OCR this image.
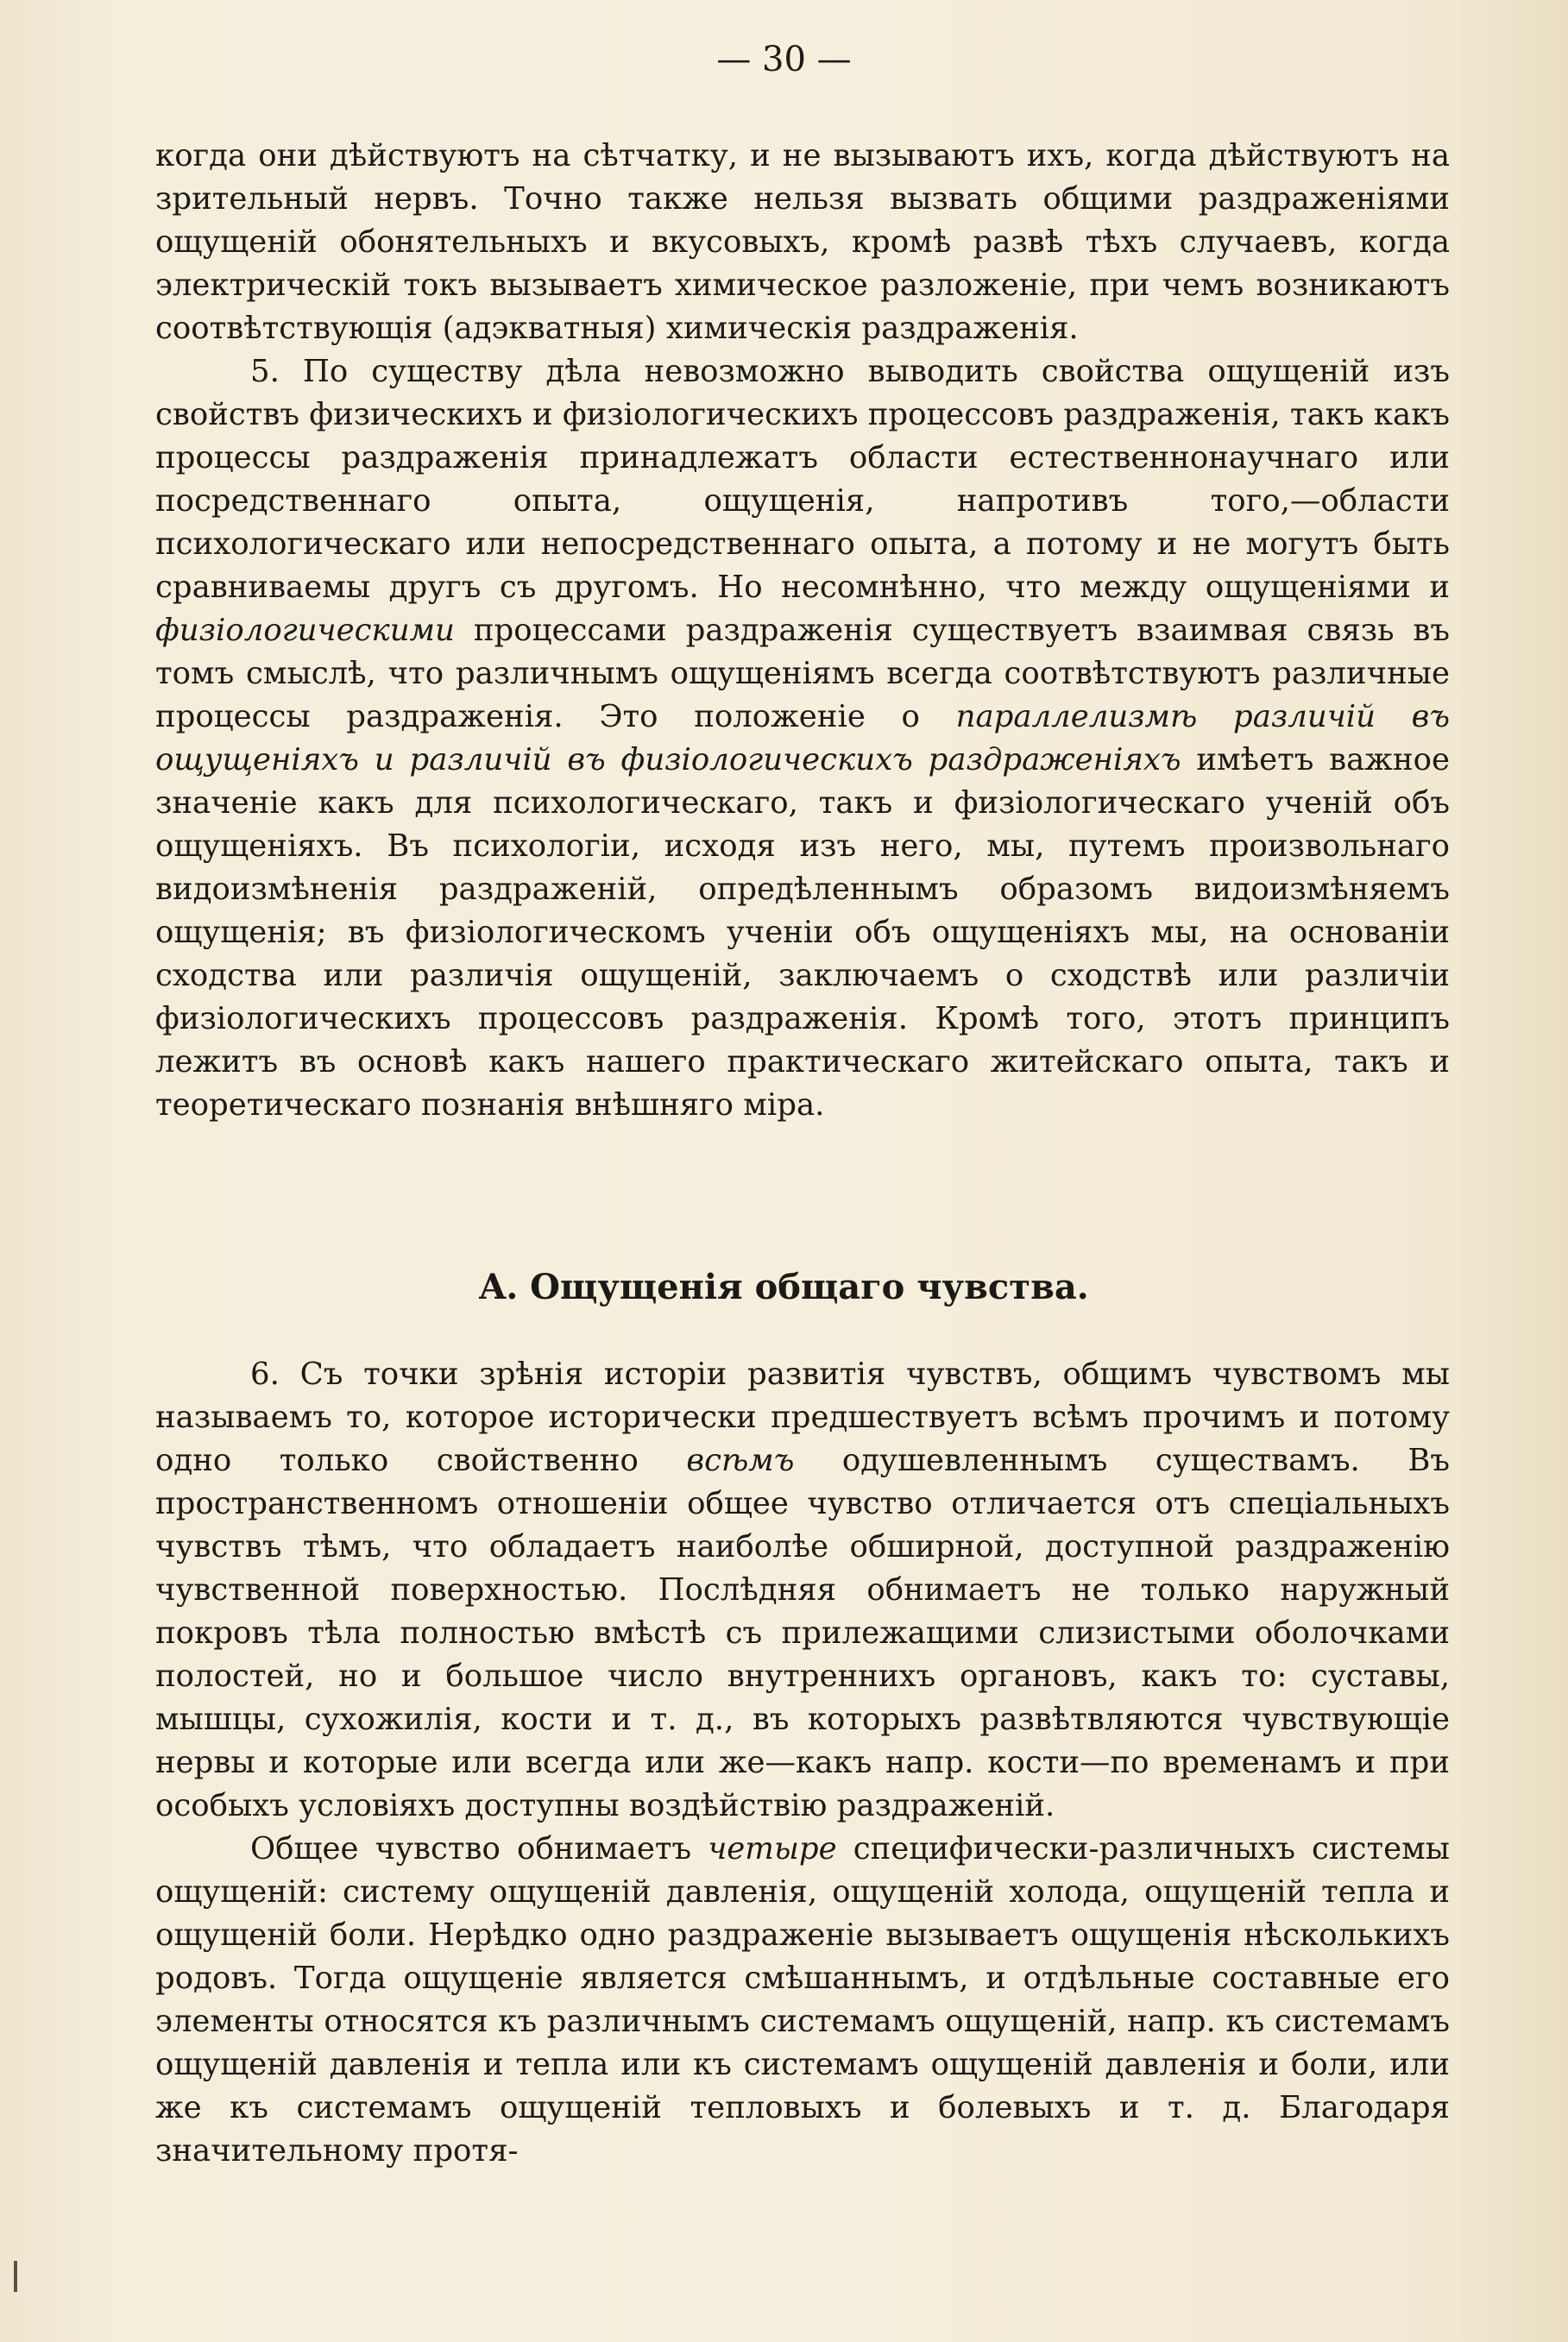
— 30 —

когда они дѣйствуютъ на сѣтчатку, и не вызываютъ ихъ, когда дѣйствуютъ на зрительный нервъ. Точно также нельзя вызвать общими раздраженіями ощущеній обонятельныхъ и вкусовыхъ, кромѣ развѣ тѣхъ случаевъ, когда электрическій токъ вызываетъ химическое разложеніе, при чемъ возникаютъ соотвѣтствующія (адэкватныя) химическія раздраженія.

5. По существу дѣла невозможно выводить свойства ощущеній изъ свойствъ физическихъ и физіологическихъ процессовъ раздраженія, такъ какъ процессы раздраженія принадлежатъ области естественнонаучнаго или посредственнаго опыта, ощущенія, напротивъ того,—области психологическаго или непосредственнаго опыта, а потому и не могутъ быть сравниваемы другъ съ другомъ. Но несомнѣнно, что между ощущеніями и физіологическими процессами раздраженія существуетъ взаимвая связь въ томъ смыслѣ, что различнымъ ощущеніямъ всегда соотвѣтствуютъ различные процессы раздраженія. Это положеніе о параллелизмѣ различій въ ощущеніяхъ и различій въ физіологическихъ раздраженіяхъ имѣетъ важное значеніе какъ для психологическаго, такъ и физіологическаго ученій объ ощущеніяхъ. Въ психологіи, исходя изъ него, мы, путемъ произвольнаго видоизмѣненія раздраженій, опредѣленнымъ образомъ видоизмѣняемъ ощущенія; въ физіологическомъ ученіи объ ощущеніяхъ мы, на основаніи сходства или различія ощущеній, заключаемъ о сходствѣ или различіи физіологическихъ процессовъ раздраженія. Кромѣ того, этотъ принципъ лежитъ въ основѣ какъ нашего практическаго житейскаго опыта, такъ и теоретическаго познанія внѣшняго міра.

A. Ощущенія общаго чувства.

6. Съ точки зрѣнія исторіи развитія чувствъ, общимъ чувствомъ мы называемъ то, которое исторически предшествуетъ всѣмъ прочимъ и потому одно только свойственно всѣмъ одушевленнымъ существамъ. Въ пространственномъ отношеніи общее чувство отличается отъ спеціальныхъ чувствъ тѣмъ, что обладаетъ наиболѣе обширной, доступной раздраженію чувственной поверхностью. Послѣдняя обнимаетъ не только наружный покровъ тѣла полностью вмѣстѣ съ прилежащими слизистыми оболочками полостей, но и большое число внутреннихъ органовъ, какъ то: суставы, мышцы, сухожилія, кости и т. д., въ которыхъ развѣтвляются чувствующіе нервы и которые или всегда или же—какъ напр. кости—по временамъ и при особыхъ условіяхъ доступны воздѣйствію раздраженій.

Общее чувство обнимаетъ четыре специфически-различныхъ системы ощущеній: систему ощущеній давленія, ощущеній холода, ощущеній тепла и ощущеній боли. Нерѣдко одно раздраженіе вызываетъ ощущенія нѣсколькихъ родовъ. Тогда ощущеніе является смѣшаннымъ, и отдѣльные составные его элементы относятся къ различнымъ системамъ ощущеній, напр. къ системамъ ощущеній давленія и тепла или къ системамъ ощущеній давленія и боли, или же къ системамъ ощущеній тепловыхъ и болевыхъ и т. д. Благодаря значительному протя-
